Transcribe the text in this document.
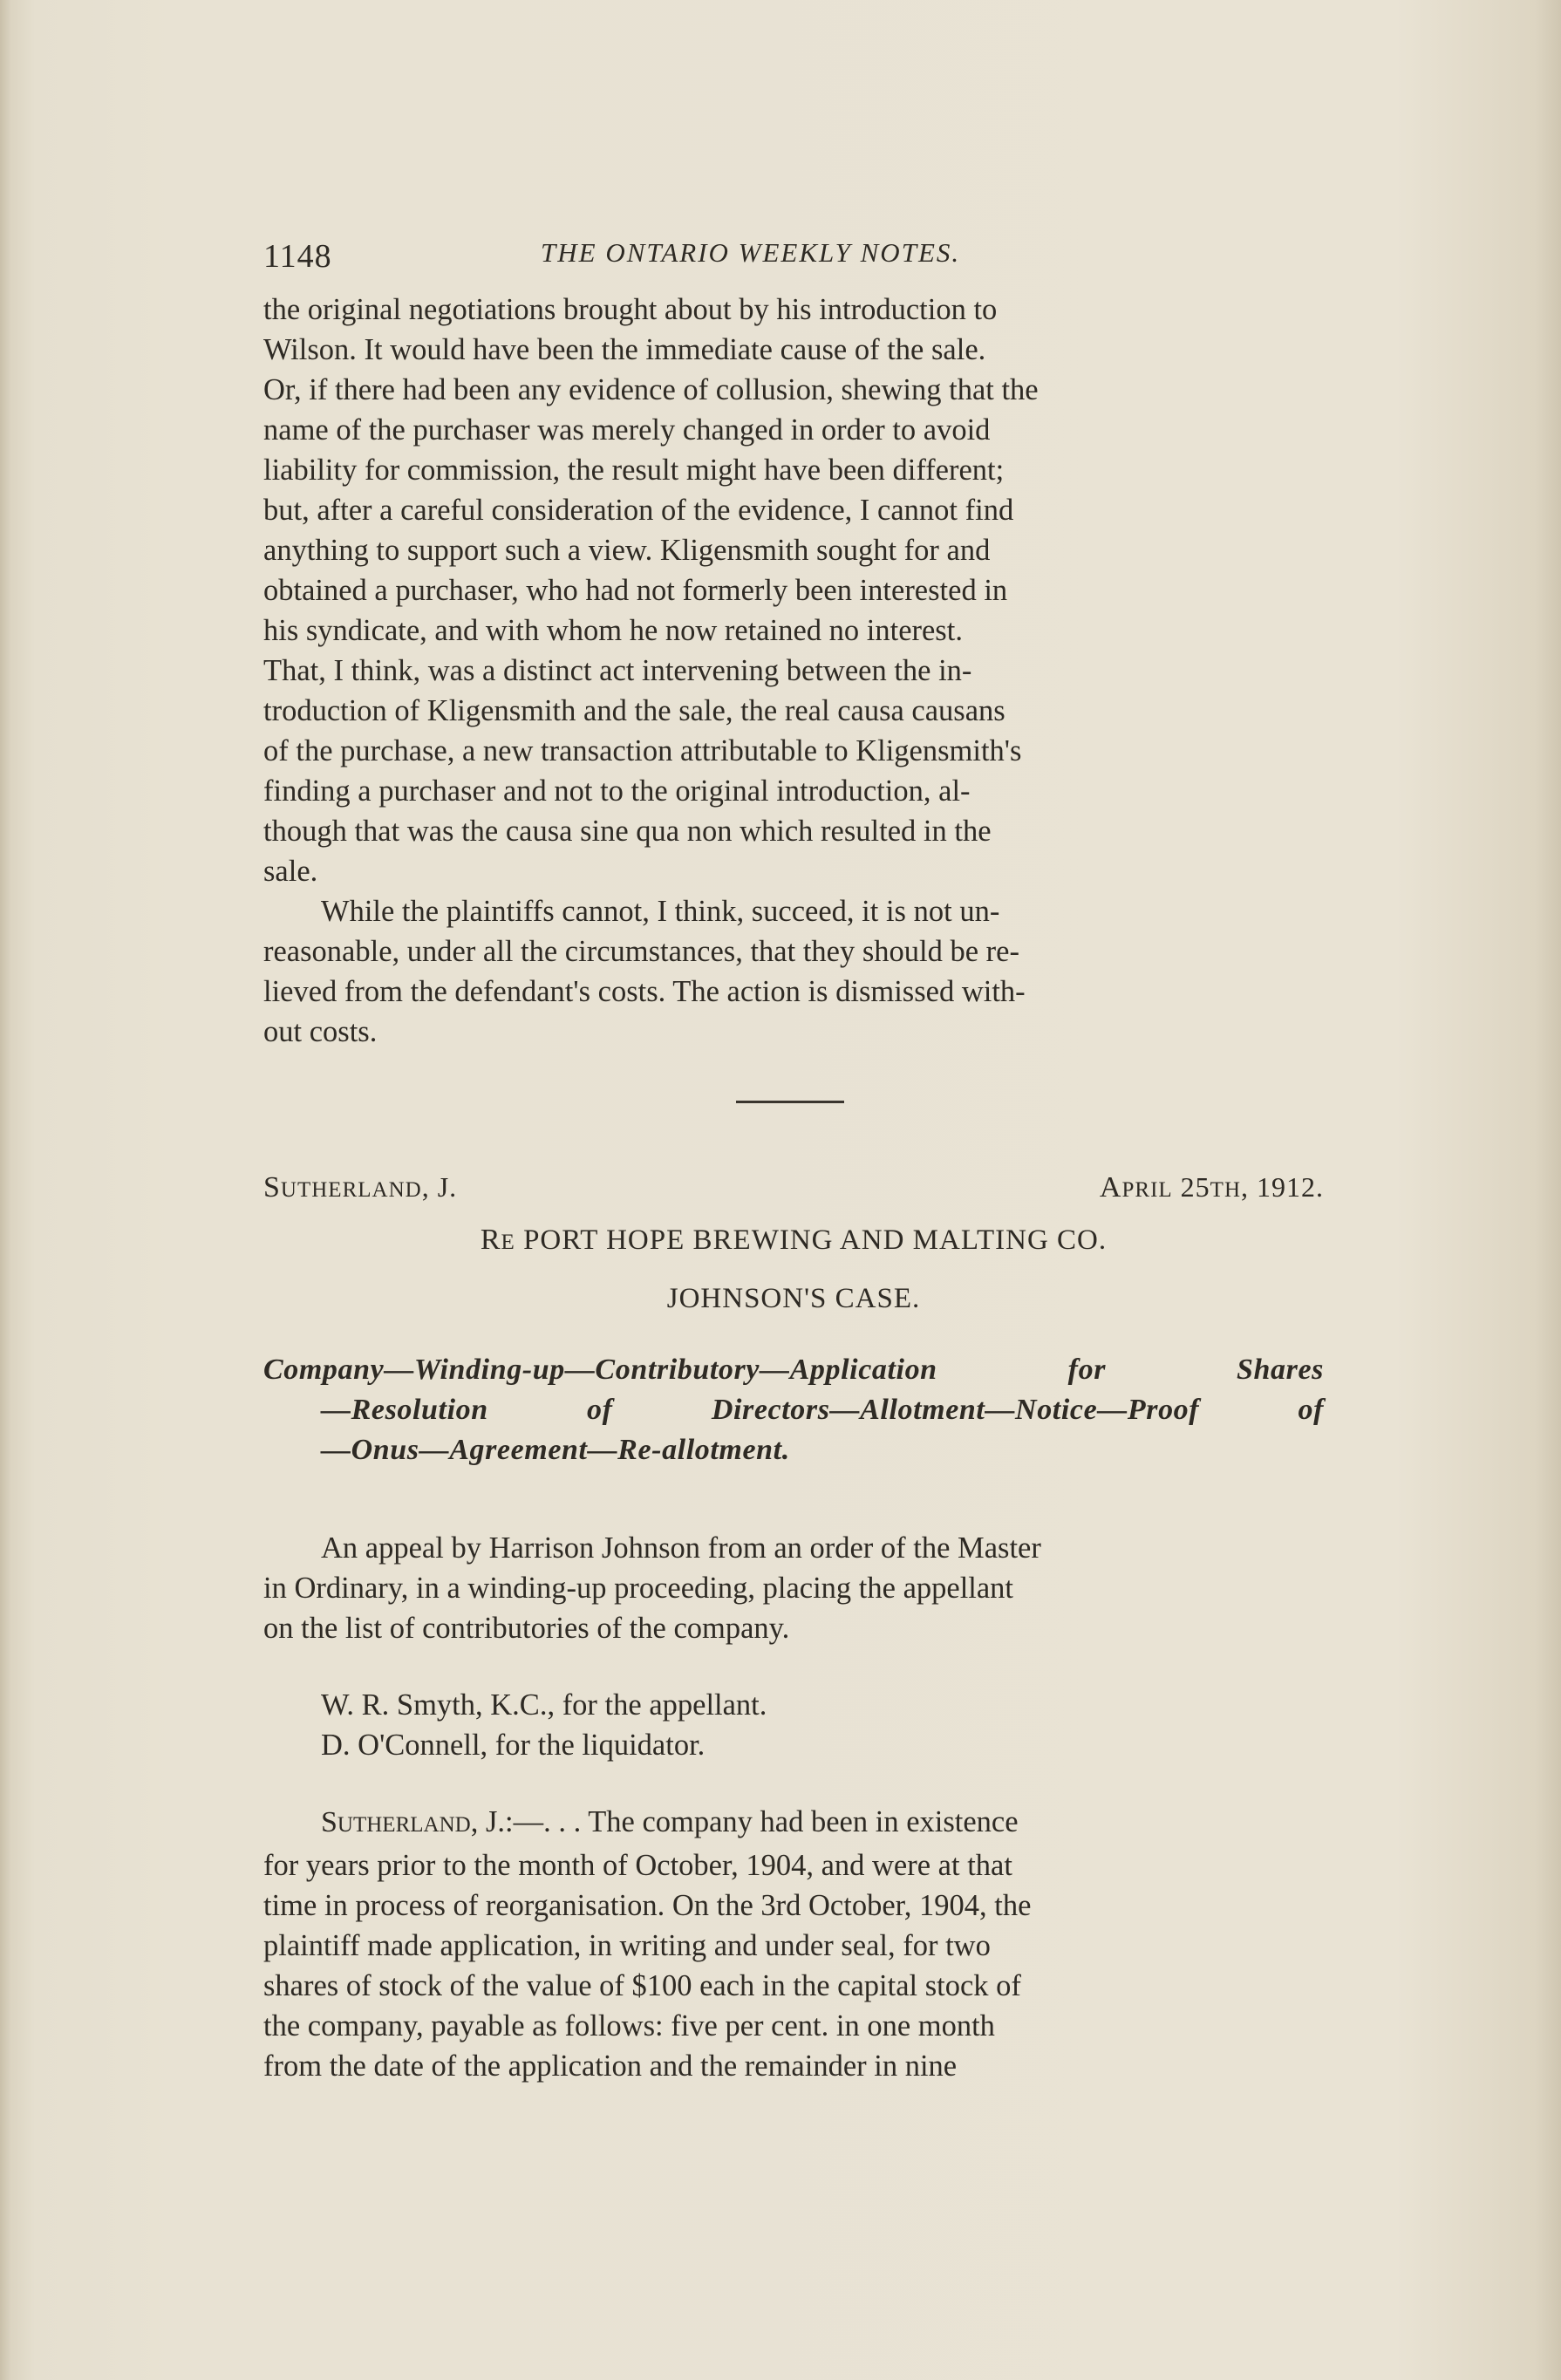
1148	THE ONTARIO WEEKLY NOTES.

the original negotiations brought about by his introduction to

Wilson. It would have been the immediate cause of the sale.

Or, if there had been any evidence of collusion, shewing that the

name of the purchaser was merely changed in order to avoid

liability for commission, the result might have been different;

but, after a careful consideration of the evidence, I cannot find

anything to support such a view. Kligensmith sought for and

obtained a purchaser, who had not formerly been interested in

his syndicate, and with whom he now retained no interest.

That, I think, was a distinct act intervening between the in-

troduction of Kligensmith and the sale, the real causa causans

of the purchase, a new transaction attributable to Kligensmith's

finding a purchaser and not to the original introduction, al-

though that was the causa sine qua non which resulted in the

sale.

While the plaintiffs cannot, I think, succeed, it is not un-

reasonable, under all the circumstances, that they should be re-

lieved from the defendant's costs. The action is dismissed with-

out costs.

SUTHERLAND, J.	APRIL 25TH, 1912.
RE PORT HOPE BREWING AND MALTING CO.
JOHNSON'S CASE.
Company—Winding-up—Contributory—Application for Shares
—Resolution of Directors—Allotment—Notice—Proof of
—Onus—Agreement—Re-allotment.

An appeal by Harrison Johnson from an order of the Master

in Ordinary, in a winding-up proceeding, placing the appellant

on the list of contributories of the company.

W. R. Smyth, K.C., for the appellant.

D. O'Connell, for the liquidator.

SUTHERLAND, J.:—. . . The company had been in existence

for years prior to the month of October, 1904, and were at that

time in process of reorganisation. On the 3rd October, 1904, the

plaintiff made application, in writing and under seal, for two

shares of stock of the value of $100 each in the capital stock of

the company, payable as follows: five per cent. in one month

from the date of the application and the remainder in nine
